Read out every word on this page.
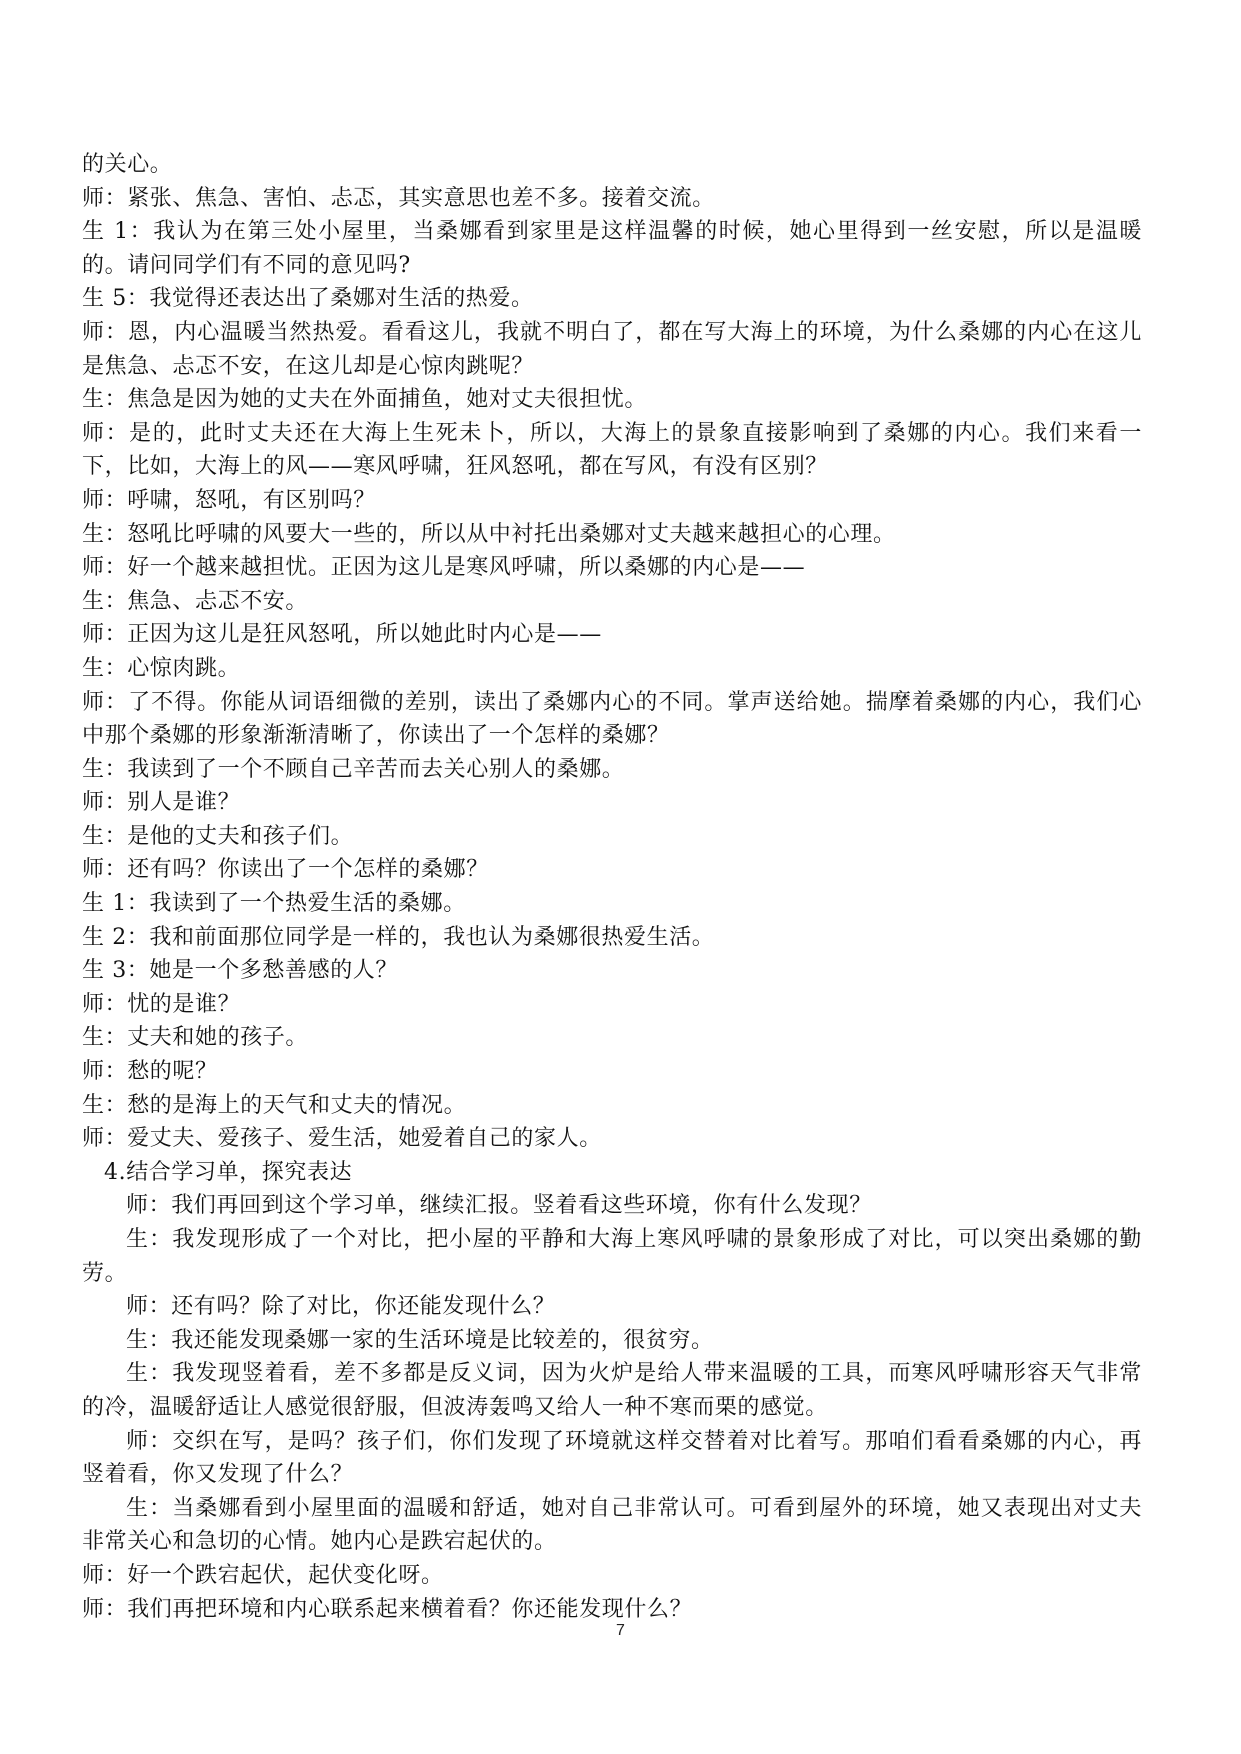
的关心。

师：紧张、焦急、害怕、忐忑，其实意思也差不多。接着交流。

生 1：我认为在第三处小屋里，当桑娜看到家里是这样温馨的时候，她心里得到一丝安慰，所以是温暖的。请问同学们有不同的意见吗?

生 5：我觉得还表达出了桑娜对生活的热爱。

师：恩，内心温暖当然热爱。看看这儿，我就不明白了，都在写大海上的环境，为什么桑娜的内心在这儿是焦急、忐忑不安，在这儿却是心惊肉跳呢？

生：焦急是因为她的丈夫在外面捕鱼，她对丈夫很担忧。

师：是的，此时丈夫还在大海上生死未卜，所以，大海上的景象直接影响到了桑娜的内心。我们来看一下，比如，大海上的风——寒风呼啸，狂风怒吼，都在写风，有没有区别？

师：呼啸，怒吼，有区别吗？

生：怒吼比呼啸的风要大一些的，所以从中衬托出桑娜对丈夫越来越担心的心理。

师：好一个越来越担忧。正因为这儿是寒风呼啸，所以桑娜的内心是——

生：焦急、忐忑不安。

师：正因为这儿是狂风怒吼，所以她此时内心是——

生：心惊肉跳。

师：了不得。你能从词语细微的差别，读出了桑娜内心的不同。掌声送给她。揣摩着桑娜的内心，我们心中那个桑娜的形象渐渐清晰了，你读出了一个怎样的桑娜？

生：我读到了一个不顾自己辛苦而去关心别人的桑娜。

师：别人是谁？

生：是他的丈夫和孩子们。

师：还有吗？你读出了一个怎样的桑娜？

生 1：我读到了一个热爱生活的桑娜。

生 2：我和前面那位同学是一样的，我也认为桑娜很热爱生活。

生 3：她是一个多愁善感的人？

师：忧的是谁？

生：丈夫和她的孩子。

师：愁的呢？

生：愁的是海上的天气和丈夫的情况。

师：爱丈夫、爱孩子、爱生活，她爱着自己的家人。

4.结合学习单，探究表达

师：我们再回到这个学习单，继续汇报。竖着看这些环境，你有什么发现？

生：我发现形成了一个对比，把小屋的平静和大海上寒风呼啸的景象形成了对比，可以突出桑娜的勤劳。

师：还有吗？除了对比，你还能发现什么？

生：我还能发现桑娜一家的生活环境是比较差的，很贫穷。

生：我发现竖着看，差不多都是反义词，因为火炉是给人带来温暖的工具，而寒风呼啸形容天气非常的冷，温暖舒适让人感觉很舒服，但波涛轰鸣又给人一种不寒而栗的感觉。

师：交织在写，是吗？孩子们，你们发现了环境就这样交替着对比着写。那咱们看看桑娜的内心，再竖着看，你又发现了什么？

生：当桑娜看到小屋里面的温暖和舒适，她对自己非常认可。可看到屋外的环境，她又表现出对丈夫非常关心和急切的心情。她内心是跌宕起伏的。

师：好一个跌宕起伏，起伏变化呀。

师：我们再把环境和内心联系起来横着看？你还能发现什么？

7
